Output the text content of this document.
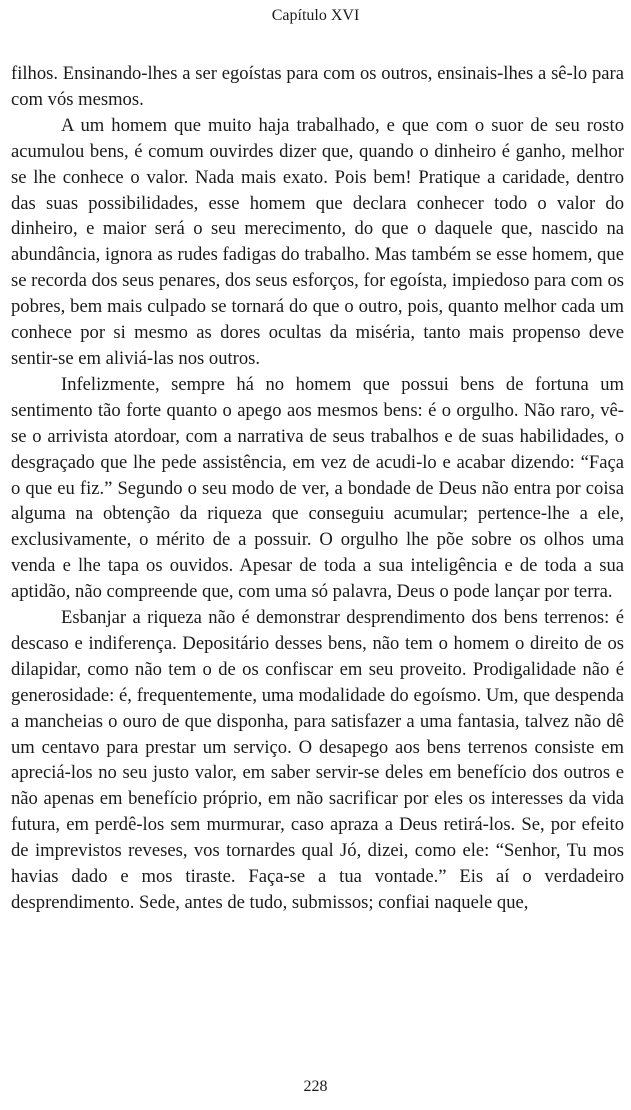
Capítulo XVI

filhos. Ensinando-lhes a ser egoístas para com os outros, ensinais-lhes a sê-lo para com vós mesmos.

A um homem que muito haja trabalhado, e que com o suor de seu rosto acumulou bens, é comum ouvirdes dizer que, quando o dinheiro é ganho, melhor se lhe conhece o valor. Nada mais exato. Pois bem! Pratique a caridade, dentro das suas possibilidades, esse homem que declara conhecer todo o valor do dinheiro, e maior será o seu merecimento, do que o daquele que, nascido na abundância, ignora as rudes fadigas do trabalho. Mas também se esse homem, que se recorda dos seus penares, dos seus esforços, for egoísta, impiedoso para com os pobres, bem mais culpado se tornará do que o outro, pois, quanto melhor cada um conhece por si mesmo as dores ocultas da miséria, tanto mais propenso deve sentir-se em aliviá-las nos outros.

Infelizmente, sempre há no homem que possui bens de fortuna um sentimento tão forte quanto o apego aos mesmos bens: é o orgulho. Não raro, vê-se o arrivista atordoar, com a narrativa de seus trabalhos e de suas habilidades, o desgraçado que lhe pede assistência, em vez de acudi-lo e acabar dizendo: “Faça o que eu fiz.” Segundo o seu modo de ver, a bondade de Deus não entra por coisa alguma na obtenção da riqueza que conseguiu acumular; pertence-lhe a ele, exclusivamente, o mérito de a possuir. O orgulho lhe põe sobre os olhos uma venda e lhe tapa os ouvidos. Apesar de toda a sua inteligência e de toda a sua aptidão, não compreende que, com uma só palavra, Deus o pode lançar por terra.

Esbanjar a riqueza não é demonstrar desprendimento dos bens terrenos: é descaso e indiferença. Depositário desses bens, não tem o homem o direito de os dilapidar, como não tem o de os confiscar em seu proveito. Prodigalidade não é generosidade: é, frequentemente, uma modalidade do egoísmo. Um, que despenda a mancheias o ouro de que disponha, para satisfazer a uma fantasia, talvez não dê um centavo para prestar um serviço. O desapego aos bens terrenos consiste em apreciá-los no seu justo valor, em saber servir-se deles em benefício dos outros e não apenas em benefício próprio, em não sacrificar por eles os interesses da vida futura, em perdê-los sem murmurar, caso apraza a Deus retirá-los. Se, por efeito de imprevistos reveses, vos tornardes qual Jó, dizei, como ele: “Senhor, Tu mos havias dado e mos tiraste. Faça-se a tua vontade.” Eis aí o verdadeiro desprendimento. Sede, antes de tudo, submissos; confiai naquele que,

228
